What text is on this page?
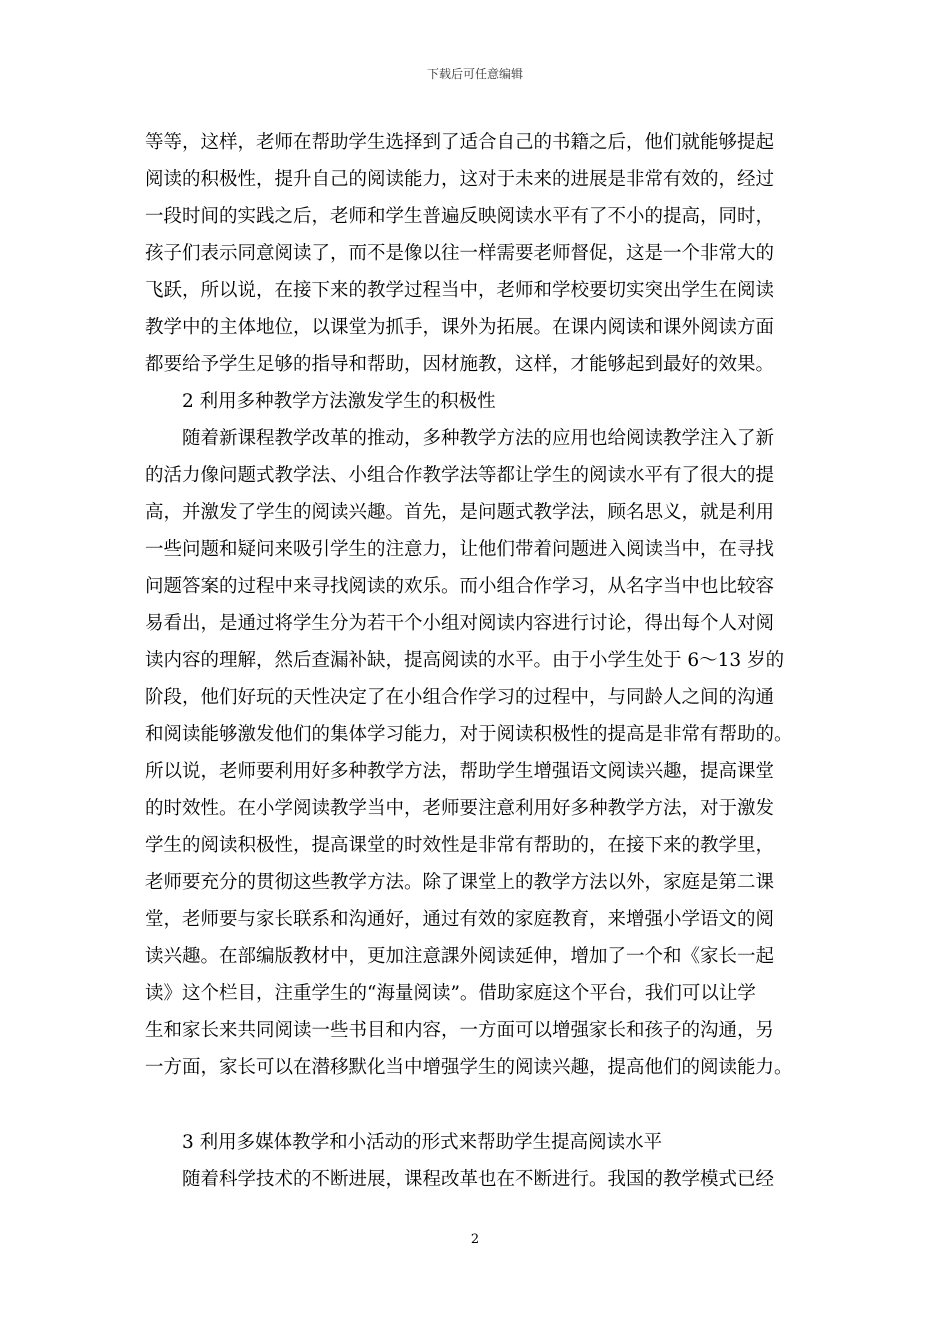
下载后可任意编辑
等等，这样，老师在帮助学生选择到了适合自己的书籍之后，他们就能够提起
阅读的积极性，提升自己的阅读能力，这对于未来的进展是非常有效的，经过
一段时间的实践之后，老师和学生普遍反映阅读水平有了不小的提高，同时，
孩子们表示同意阅读了，而不是像以往一样需要老师督促，这是一个非常大的
飞跃，所以说，在接下来的教学过程当中，老师和学校要切实突出学生在阅读
教学中的主体地位，以课堂为抓手，课外为拓展。在课内阅读和课外阅读方面
都要给予学生足够的指导和帮助，因材施教，这样，才能够起到最好的效果。
2 利用多种教学方法激发学生的积极性
随着新课程教学改革的推动，多种教学方法的应用也给阅读教学注入了新
的活力像问题式教学法、小组合作教学法等都让学生的阅读水平有了很大的提
高，并激发了学生的阅读兴趣。首先，是问题式教学法，顾名思义，就是利用
一些问题和疑问来吸引学生的注意力，让他们带着问题进入阅读当中，在寻找
问题答案的过程中来寻找阅读的欢乐。而小组合作学习，从名字当中也比较容
易看出，是通过将学生分为若干个小组对阅读内容进行讨论，得出每个人对阅
读内容的理解，然后查漏补缺，提高阅读的水平。由于小学生处于 6～13 岁的
阶段，他们好玩的天性决定了在小组合作学习的过程中，与同龄人之间的沟通
和阅读能够激发他们的集体学习能力，对于阅读积极性的提高是非常有帮助的。
所以说，老师要利用好多种教学方法，帮助学生增强语文阅读兴趣，提高课堂
的时效性。在小学阅读教学当中，老师要注意利用好多种教学方法，对于激发
学生的阅读积极性，提高课堂的时效性是非常有帮助的，在接下来的教学里，
老师要充分的贯彻这些教学方法。除了课堂上的教学方法以外，家庭是第二课
堂，老师要与家长联系和沟通好，通过有效的家庭教育，来增强小学语文的阅
读兴趣。在部编版教材中，更加注意課外阅读延伸，增加了一个和《家长一起
读》这个栏目，注重学生的“海量阅读”。借助家庭这个平台，我们可以让学
生和家长来共同阅读一些书目和内容，一方面可以增强家长和孩子的沟通，另
一方面，家长可以在潜移默化当中增强学生的阅读兴趣，提高他们的阅读能力。
3 利用多媒体教学和小活动的形式来帮助学生提高阅读水平
随着科学技术的不断进展，课程改革也在不断进行。我国的教学模式已经
2
